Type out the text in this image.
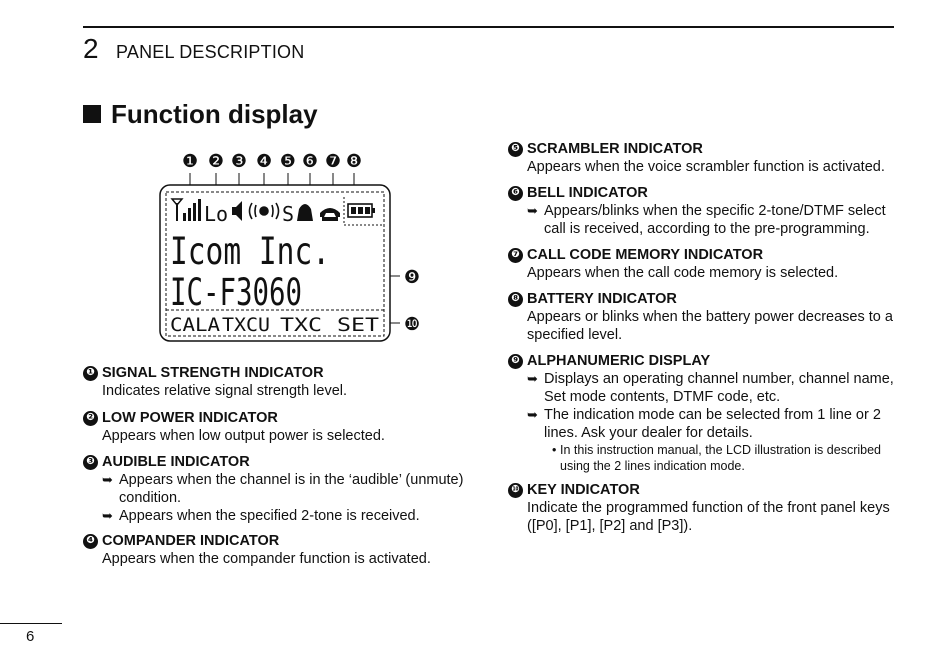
2 PANEL DESCRIPTION
Function display
❶ ❷ ❸ ❹ ❺ ❻ ❼ ❽
❾
❿
Lo	S
Icom Inc.
IC-F3060
CALA TXCU TXC SET
❶ SIGNAL STRENGTH INDICATOR
Indicates relative signal strength level.
❷ LOW POWER INDICATOR
Appears when low output power is selected.
❸ AUDIBLE INDICATOR
➥ Appears when the channel is in the ‘audible’ (unmute) condition.
➥ Appears when the specified 2-tone is received.
❹ COMPANDER INDICATOR
Appears when the compander function is activated.
❺ SCRAMBLER INDICATOR
Appears when the voice scrambler function is activated.
❻ BELL INDICATOR
➥ Appears/blinks when the specific 2-tone/DTMF select call is received, according to the pre-programming.
❼ CALL CODE MEMORY INDICATOR
Appears when the call code memory is selected.
❽ BATTERY INDICATOR
Appears or blinks when the battery power decreases to a specified level.
❾ ALPHANUMERIC DISPLAY
➥ Displays an operating channel number, channel name, Set mode contents, DTMF code, etc.
➥ The indication mode can be selected from 1 line or 2 lines. Ask your dealer for details.
• In this instruction manual, the LCD illustration is described using the 2 lines indication mode.
❿ KEY INDICATOR
Indicate the programmed function of the front panel keys ([P0], [P1], [P2] and [P3]).
6
